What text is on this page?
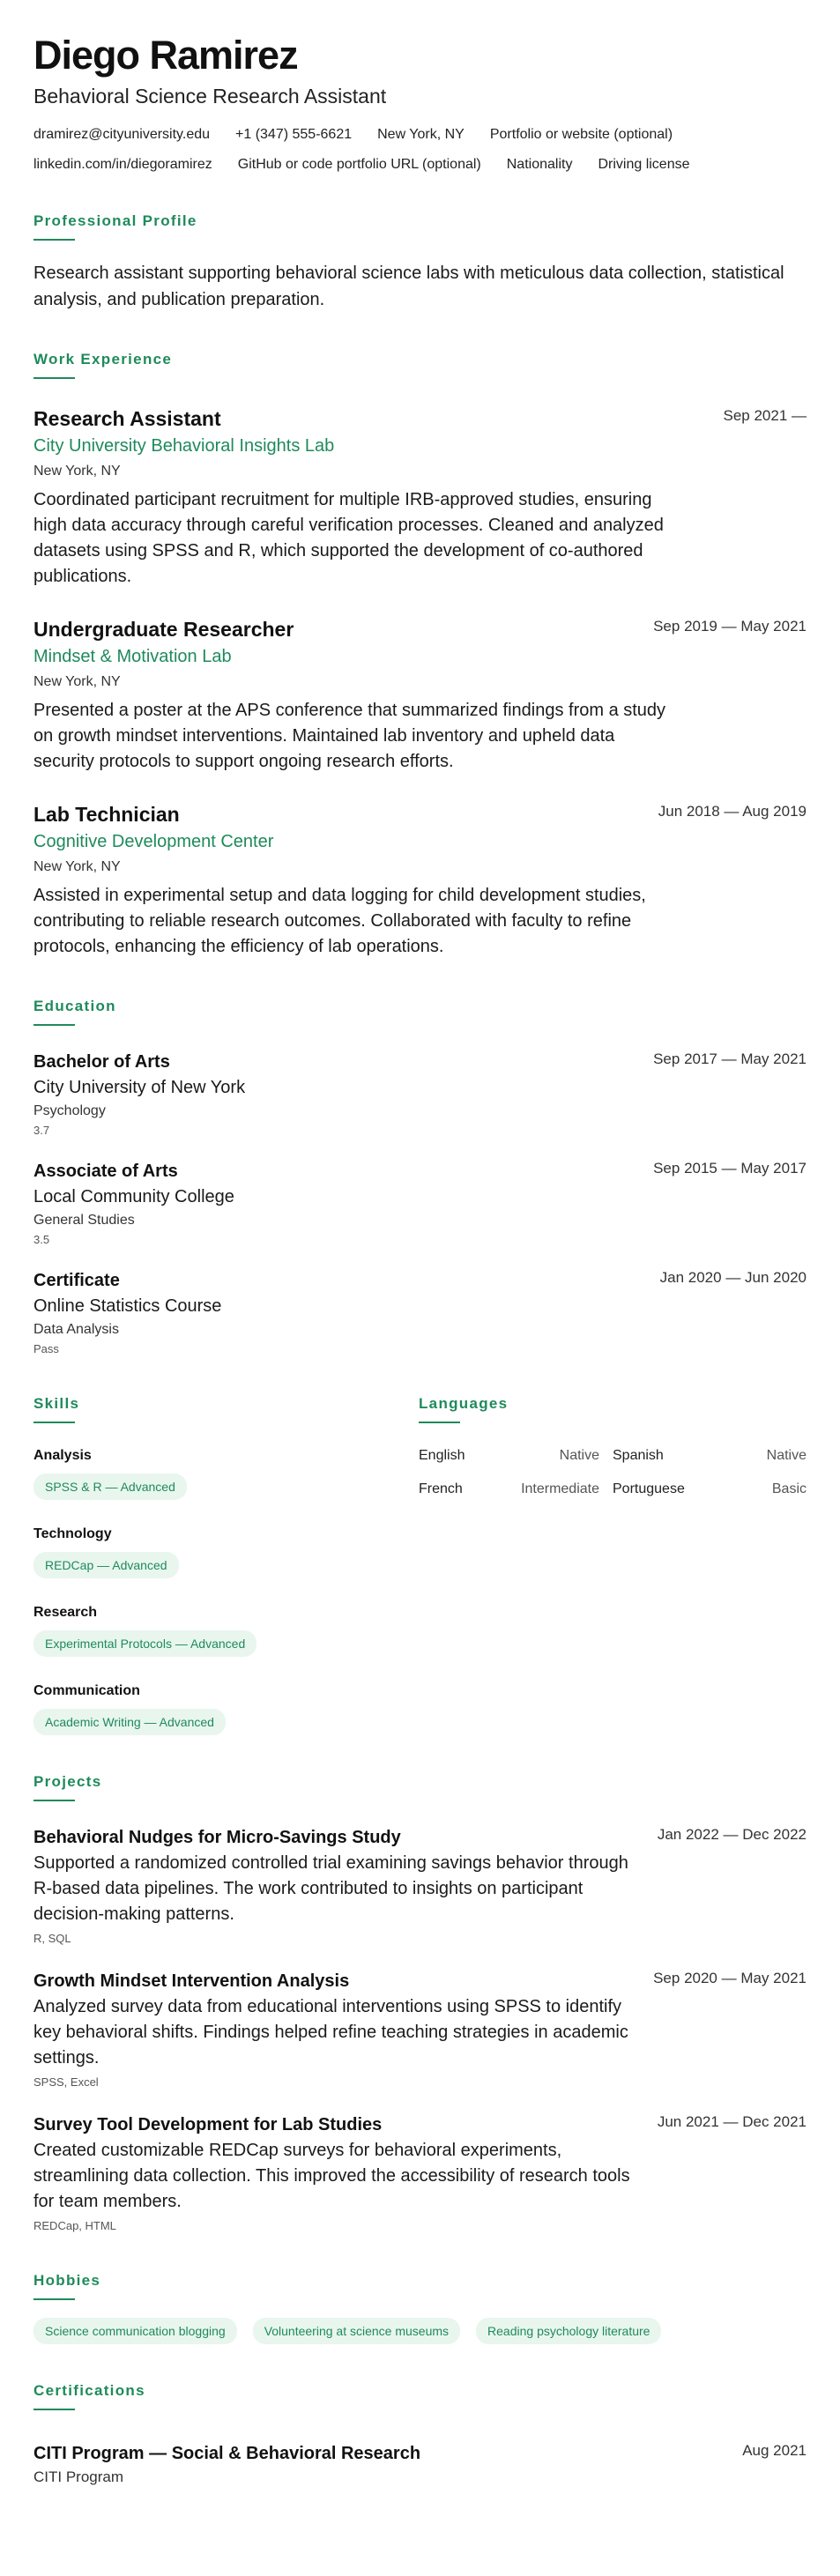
Diego Ramirez
Behavioral Science Research Assistant
dramirez@cityuniversity.edu +1 (347) 555-6621 New York, NY Portfolio or website (optional)
linkedin.com/in/diegoramirez GitHub or code portfolio URL (optional) Nationality Driving license
Professional Profile

Research assistant supporting behavioral science labs with meticulous data collection, statistical analysis, and publication preparation.

Work Experience
Research Assistant	Sep 2021 —
City University Behavioral Insights Lab
New York, NY

Coordinated participant recruitment for multiple IRB-approved studies, ensuring high data accuracy through careful verification processes. Cleaned and analyzed datasets using SPSS and R, which supported the development of co-authored publications.

Undergraduate Researcher	Sep 2019 — May 2021
Mindset & Motivation Lab
New York, NY

Presented a poster at the APS conference that summarized findings from a study on growth mindset interventions. Maintained lab inventory and upheld data security protocols to support ongoing research efforts.

Lab Technician	Jun 2018 — Aug 2019
Cognitive Development Center
New York, NY

Assisted in experimental setup and data logging for child development studies, contributing to reliable research outcomes. Collaborated with faculty to refine protocols, enhancing the efficiency of lab operations.

Education
Bachelor of Arts	Sep 2017 — May 2021
City University of New York
Psychology
3.7
Associate of Arts	Sep 2015 — May 2017
Local Community College
General Studies
3.5
Certificate	Jan 2020 — Jun 2020
Online Statistics Course
Data Analysis
Pass
Skills
Analysis
SPSS & R — Advanced
Technology
REDCap — Advanced
Research
Experimental Protocols — Advanced
Communication
Academic Writing — Advanced
Languages
English	Native Spanish	Native
French	Intermediate Portuguese	Basic
Projects
Behavioral Nudges for Micro-Savings Study	Jan 2022 — Dec 2022

Supported a randomized controlled trial examining savings behavior through R-based data pipelines. The work contributed to insights on participant decision-making patterns.

R, SQL
Growth Mindset Intervention Analysis	Sep 2020 — May 2021

Analyzed survey data from educational interventions using SPSS to identify key behavioral shifts. Findings helped refine teaching strategies in academic settings.

SPSS, Excel
Survey Tool Development for Lab Studies	Jun 2021 — Dec 2021

Created customizable REDCap surveys for behavioral experiments, streamlining data collection. This improved the accessibility of research tools for team members.

REDCap, HTML
Hobbies
Science communication blogging	Volunteering at science museums	Reading psychology literature
Certifications
CITI Program — Social & Behavioral Research	Aug 2021
CITI Program
